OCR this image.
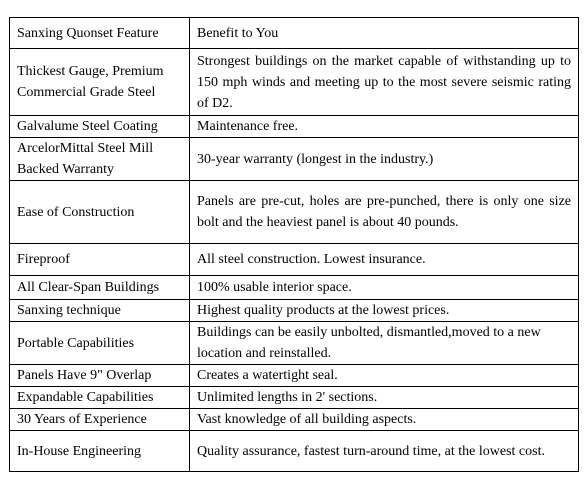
Sanxing Quonset Feature	Benefit to You
Thickest Gauge, Premium
Commercial Grade Steel	Strongest buildings on the market capable of withstanding up to 150 mph winds and meeting up to the most severe seismic rating of D2.
Galvalume Steel Coating	Maintenance free.
ArcelorMittal Steel Mill
Backed Warranty	30-year warranty (longest in the industry.)
Ease of Construction	Panels are pre-cut, holes are pre-punched, there is only one size bolt and the heaviest panel is about 40 pounds.
Fireproof	All steel construction. Lowest insurance.
All Clear-Span Buildings	100% usable interior space.
Sanxing technique	Highest quality products at the lowest prices.
Portable Capabilities	Buildings can be easily unbolted, dismantled,moved to a new location and reinstalled.
Panels Have 9" Overlap	Creates a watertight seal.
Expandable Capabilities	Unlimited lengths in 2' sections.
30 Years of Experience	Vast knowledge of all building aspects.
In-House Engineering	Quality assurance, fastest turn-around time, at the lowest cost.
